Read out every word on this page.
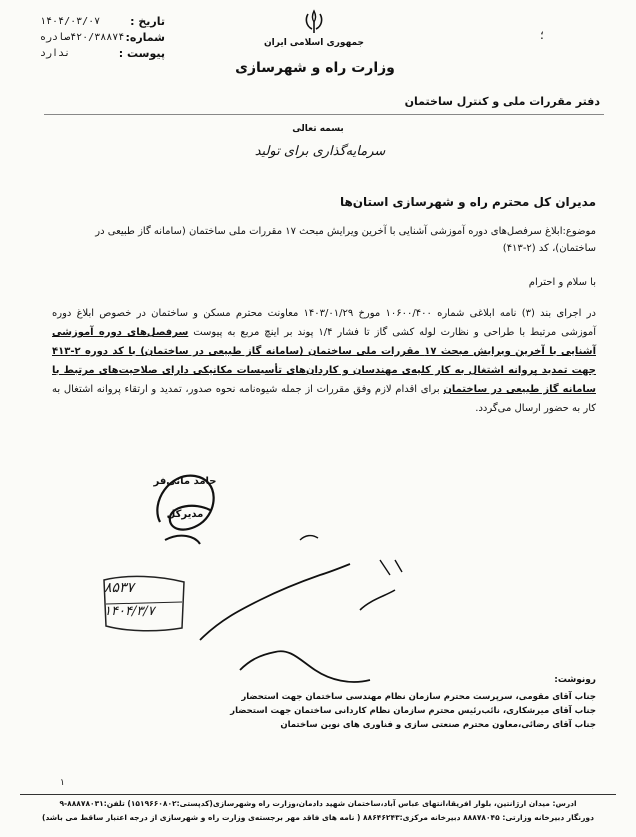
تاریخ :
۱۴۰۴/۰۳/۰۷
شماره:
۴۲۰/۳۸۸۷۴صادره
پیوست :
ندارد
؛
جمهوری اسلامی ایران
وزارت راه و شهرسازی
دفتر مقررات ملی و کنترل ساختمان
بسمه تعالی
سرمایه‌گذاری برای تولید
مدیران کل محترم راه و شهرسازی استان‌ها
موضوع:ابلاغ سرفصل‌های دوره آموزشی آشنایی با آخرین ویرایش مبحث ۱۷ مقررات ملی ساختمان (سامانه گاز طبیعی در ساختمان)، کد (۲-۴۱۳)
با سلام و احترام
در اجرای بند (۳) نامه ابلاغی شماره ۱۰۶۰۰/۴۰۰ مورخ ۱۴۰۳/۰۱/۲۹ معاونت محترم مسکن و ساختمان در خصوص ابلاغ دوره آموزشی مرتبط با طراحی و نظارت لوله کشی گاز تا فشار ۱/۴ پوند بر اینچ مربع به پیوست سرفصل‌های دوره آموزشی آشنایی با آخرین ویرایش مبحث ۱۷ مقررات ملی ساختمان (سامانه گاز طبیعی در ساختمان) با کد دوره ۲-۴۱۳ جهت تمدید پروانه اشتغال به کار کلیه‌ی مهندسان و کاردان‌های تأسیسات مکانیکی دارای صلاحیت‌های مرتبط با سامانه گاز طبیعی در ساختمان برای اقدام لازم وفق مقررات از جمله شیوه‌نامه نحوه صدور، تمدید و ارتقاء پروانه اشتغال به کار به حضور ارسال می‌گردد.
حامد مانی‌فر
مدیرکل
۸۵۳۷
۱۴۰۴/۳/۷
رونوشت:
جناب آقای مقومی، سرپرست محترم سازمان نظام مهندسی ساختمان جهت استحضار
جناب آقای میرشکاری، نائب‌رئیس محترم سازمان نظام کاردانی ساختمان جهت استحضار
جناب آقای رضائی،معاون محترم صنعتی سازی و فناوری های نوین ساختمان
۱
ادرس: میدان ارژانتین، بلوار افریقا،انتهای عباس آباد،ساختمان شهید دادمان،وزارت راه وشهرسازی(کدپستی:۱۵۱۹۶۶۰۸۰۲) تلفن:۸۸۸۷۸۰۳۱-۹
دورنگار دبیرخانه وزارتی: ۸۸۸۷۸۰۴۵ دبیرخانه مرکزی:۸۸۶۴۶۲۴۳ ( نامه های فاقد مهر برجسته‌ی وزارت راه و شهرسازی از درجه اعتبار ساقط می باشد)
